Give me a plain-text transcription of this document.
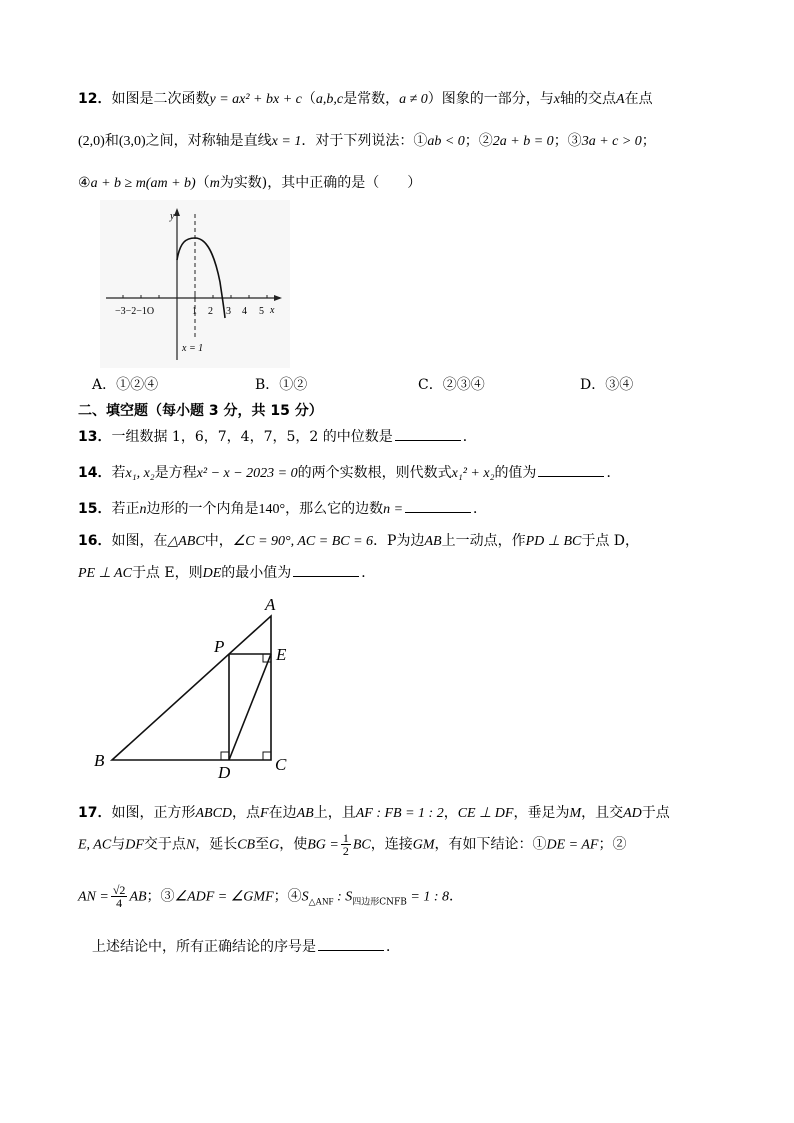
12．如图是二次函数y = ax² + bx + c（a,b,c是常数，a ≠ 0）图象的一部分，与x轴的交点A在点
(2,0)和(3,0)之间，对称轴是直线x = 1．对于下列说法：①ab < 0；②2a + b = 0；③3a + c > 0；
④a + b ≥ m(am + b)（m为实数)，其中正确的是（　　）
y
x
−3−2−1O	1 2 3 4 5
x = 1
A．①②④	B．①②	C．②③④	D．③④
二、填空题（每小题 3 分，共 15 分）
13．一组数据 1，6，7，4，7，5，2 的中位数是	．
14．若x₁, x₂是方程x² − x − 2023 = 0的两个实数根，则代数式x₁² + x₂的值为	．
15．若正n边形的一个内角是140°，那么它的边数n =	．
16．如图，在△ABC中，∠C = 90°, AC = BC = 6．P为边AB上一动点，作PD ⊥ BC于点 D，
PE ⊥ AC于点 E，则DE的最小值为	．
A
P	E
B
D	C
17．如图，正方形ABCD，点F在边AB上，且AF : FB = 1 : 2，CE ⊥ DF，垂足为M，且交AD于点
E, AC与DF交于点N，延长CB至G，使BG = $\frac{1}{2}$ BC，连接GM，有如下结论：①DE = AF；②
AN = $\frac{√2}{4}$ AB；③∠ADF = ∠GMF；$④S_{\triangle ANF}$ : $S_{四边形CNFB} = 1$ : 8．
上述结论中，所有正确结论的序号是	．
